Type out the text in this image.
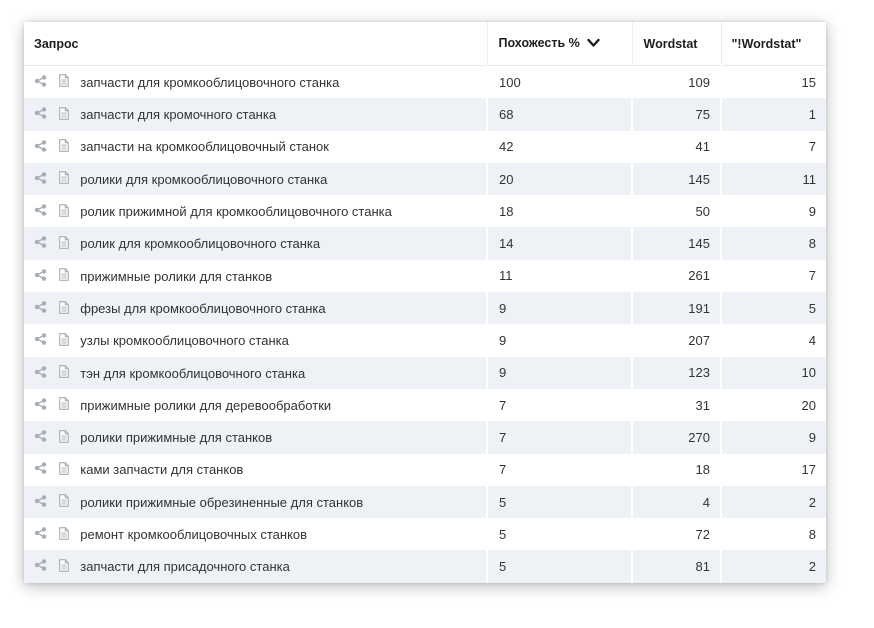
Запрос	Похожесть %	Wordstat	"!Wordstat"
запчасти для кромкооблицовочного станка	100	109	15
запчасти для кромочного станка	68	75	1
запчасти на кромкооблицовочный станок	42	41	7
ролики для кромкооблицовочного станка	20	145	11
ролик прижимной для кромкооблицовочного станка	18	50	9
ролик для кромкооблицовочного станка	14	145	8
прижимные ролики для станков	11	261	7
фрезы для кромкооблицовочного станка	9	191	5
узлы кромкооблицовочного станка	9	207	4
тэн для кромкооблицовочного станка	9	123	10
прижимные ролики для деревообработки	7	31	20
ролики прижимные для станков	7	270	9
ками запчасти для станков	7	18	17
ролики прижимные обрезиненные для станков	5	4	2
ремонт кромкооблицовочных станков	5	72	8
запчасти для присадочного станка	5	81	2
